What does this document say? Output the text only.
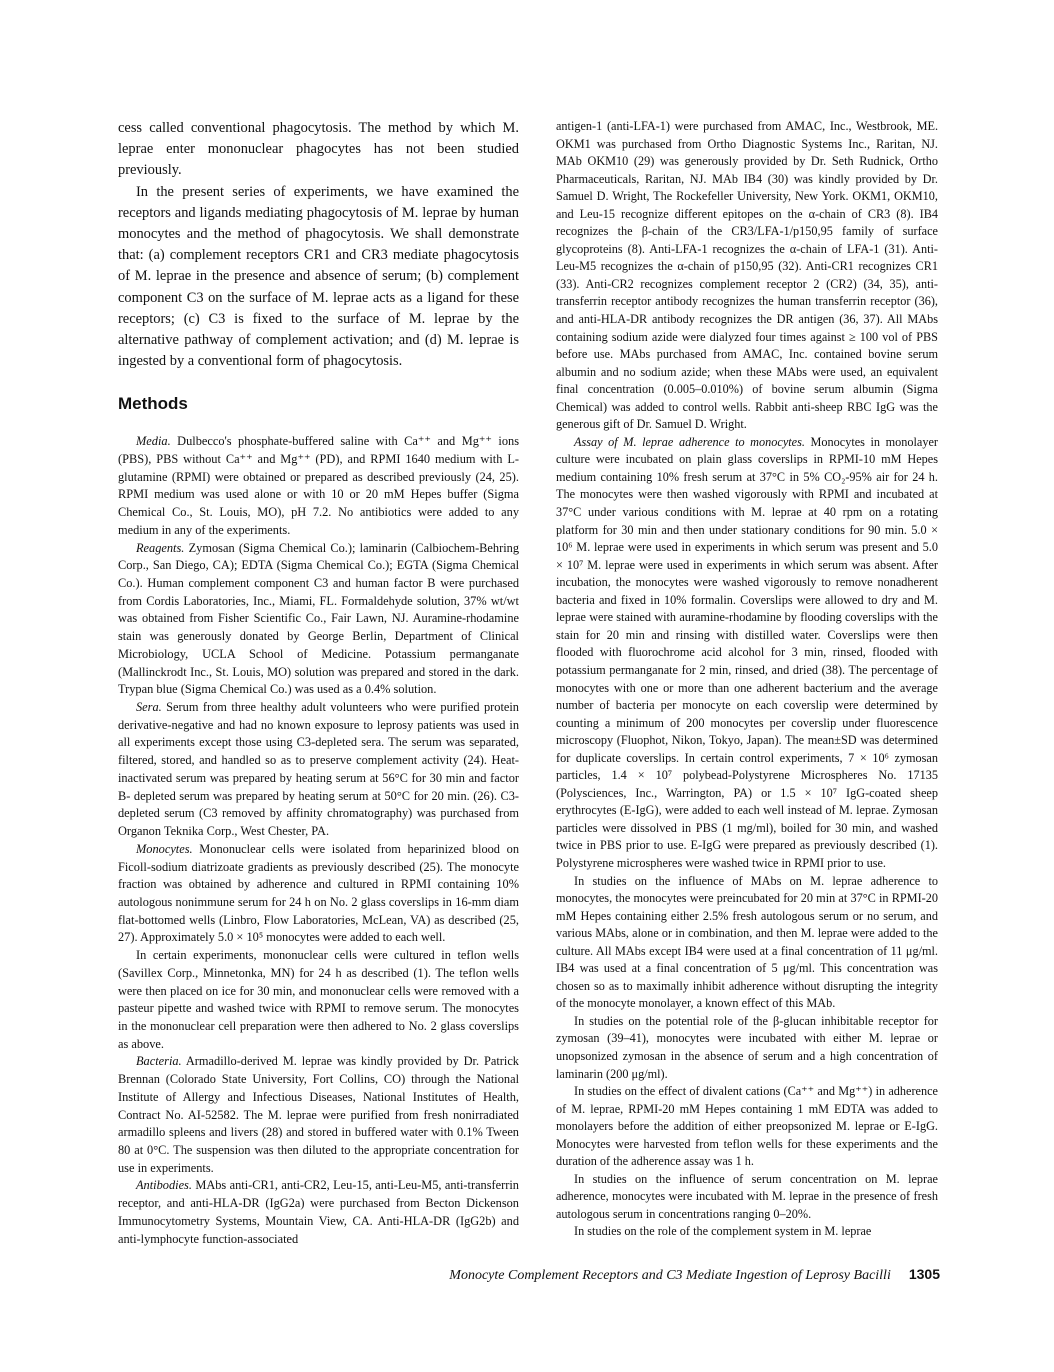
cess called conventional phagocytosis. The method by which M. leprae enter mononuclear phagocytes has not been studied previously.

In the present series of experiments, we have examined the receptors and ligands mediating phagocytosis of M. leprae by human monocytes and the method of phagocytosis. We shall demonstrate that: (a) complement receptors CR1 and CR3 mediate phagocytosis of M. leprae in the presence and absence of serum; (b) complement component C3 on the surface of M. leprae acts as a ligand for these receptors; (c) C3 is fixed to the surface of M. leprae by the alternative pathway of complement activation; and (d) M. leprae is ingested by a conventional form of phagocytosis.

Methods

Media. Dulbecco's phosphate-buffered saline with Ca⁺⁺ and Mg⁺⁺ ions (PBS), PBS without Ca⁺⁺ and Mg⁺⁺ (PD), and RPMI 1640 medium with L-glutamine (RPMI) were obtained or prepared as described previously (24, 25). RPMI medium was used alone or with 10 or 20 mM Hepes buffer (Sigma Chemical Co., St. Louis, MO), pH 7.2. No antibiotics were added to any medium in any of the experiments.

Reagents. Zymosan (Sigma Chemical Co.); laminarin (Calbiochem-Behring Corp., San Diego, CA); EDTA (Sigma Chemical Co.); EGTA (Sigma Chemical Co.). Human complement component C3 and human factor B were purchased from Cordis Laboratories, Inc., Miami, FL. Formaldehyde solution, 37% wt/wt was obtained from Fisher Scientific Co., Fair Lawn, NJ. Auramine-rhodamine stain was generously donated by George Berlin, Department of Clinical Microbiology, UCLA School of Medicine. Potassium permanganate (Mallinckrodt Inc., St. Louis, MO) solution was prepared and stored in the dark. Trypan blue (Sigma Chemical Co.) was used as a 0.4% solution.

Sera. Serum from three healthy adult volunteers who were purified protein derivative-negative and had no known exposure to leprosy patients was used in all experiments except those using C3-depleted sera. The serum was separated, filtered, stored, and handled so as to preserve complement activity (24). Heat-inactivated serum was prepared by heating serum at 56°C for 30 min and factor B- depleted serum was prepared by heating serum at 50°C for 20 min. (26). C3-depleted serum (C3 removed by affinity chromatography) was purchased from Organon Teknika Corp., West Chester, PA.

Monocytes. Mononuclear cells were isolated from heparinized blood on Ficoll-sodium diatrizoate gradients as previously described (25). The monocyte fraction was obtained by adherence and cultured in RPMI containing 10% autologous nonimmune serum for 24 h on No. 2 glass coverslips in 16-mm diam flat-bottomed wells (Linbro, Flow Laboratories, McLean, VA) as described (25, 27). Approximately 5.0 × 10⁵ monocytes were added to each well.

In certain experiments, mononuclear cells were cultured in teflon wells (Savillex Corp., Minnetonka, MN) for 24 h as described (1). The teflon wells were then placed on ice for 30 min, and mononuclear cells were removed with a pasteur pipette and washed twice with RPMI to remove serum. The monocytes in the mononuclear cell preparation were then adhered to No. 2 glass coverslips as above.

Bacteria. Armadillo-derived M. leprae was kindly provided by Dr. Patrick Brennan (Colorado State University, Fort Collins, CO) through the National Institute of Allergy and Infectious Diseases, National Institutes of Health, Contract No. AI-52582. The M. leprae were purified from fresh nonirradiated armadillo spleens and livers (28) and stored in buffered water with 0.1% Tween 80 at 0°C. The suspension was then diluted to the appropriate concentration for use in experiments.

Antibodies. MAbs anti-CR1, anti-CR2, Leu-15, anti-Leu-M5, anti-transferrin receptor, and anti-HLA-DR (IgG2a) were purchased from Becton Dickenson Immunocytometry Systems, Mountain View, CA. Anti-HLA-DR (IgG2b) and anti-lymphocyte function-associated

antigen-1 (anti-LFA-1) were purchased from AMAC, Inc., Westbrook, ME. OKM1 was purchased from Ortho Diagnostic Systems Inc., Raritan, NJ. MAb OKM10 (29) was generously provided by Dr. Seth Rudnick, Ortho Pharmaceuticals, Raritan, NJ. MAb IB4 (30) was kindly provided by Dr. Samuel D. Wright, The Rockefeller University, New York. OKM1, OKM10, and Leu-15 recognize different epitopes on the α-chain of CR3 (8). IB4 recognizes the β-chain of the CR3/LFA-1/p150,95 family of surface glycoproteins (8). Anti-LFA-1 recognizes the α-chain of LFA-1 (31). Anti-Leu-M5 recognizes the α-chain of p150,95 (32). Anti-CR1 recognizes CR1 (33). Anti-CR2 recognizes complement receptor 2 (CR2) (34, 35), anti-transferrin receptor antibody recognizes the human transferrin receptor (36), and anti-HLA-DR antibody recognizes the DR antigen (36, 37). All MAbs containing sodium azide were dialyzed four times against ≥ 100 vol of PBS before use. MAbs purchased from AMAC, Inc. contained bovine serum albumin and no sodium azide; when these MAbs were used, an equivalent final concentration (0.005–0.010%) of bovine serum albumin (Sigma Chemical) was added to control wells. Rabbit anti-sheep RBC IgG was the generous gift of Dr. Samuel D. Wright.

Assay of M. leprae adherence to monocytes. Monocytes in monolayer culture were incubated on plain glass coverslips in RPMI-10 mM Hepes medium containing 10% fresh serum at 37°C in 5% CO₂-95% air for 24 h. The monocytes were then washed vigorously with RPMI and incubated at 37°C under various conditions with M. leprae at 40 rpm on a rotating platform for 30 min and then under stationary conditions for 90 min. 5.0 × 10⁶ M. leprae were used in experiments in which serum was present and 5.0 × 10⁷ M. leprae were used in experiments in which serum was absent. After incubation, the monocytes were washed vigorously to remove nonadherent bacteria and fixed in 10% formalin. Coverslips were allowed to dry and M. leprae were stained with auramine-rhodamine by flooding coverslips with the stain for 20 min and rinsing with distilled water. Coverslips were then flooded with fluorochrome acid alcohol for 3 min, rinsed, flooded with potassium permanganate for 2 min, rinsed, and dried (38). The percentage of monocytes with one or more than one adherent bacterium and the average number of bacteria per monocyte on each coverslip were determined by counting a minimum of 200 monocytes per coverslip under fluorescence microscopy (Fluophot, Nikon, Tokyo, Japan). The mean±SD was determined for duplicate coverslips. In certain control experiments, 7 × 10⁶ zymosan particles, 1.4 × 10⁷ polybead-Polystyrene Microspheres No. 17135 (Polysciences, Inc., Warrington, PA) or 1.5 × 10⁷ IgG-coated sheep erythrocytes (E-IgG), were added to each well instead of M. leprae. Zymosan particles were dissolved in PBS (1 mg/ml), boiled for 30 min, and washed twice in PBS prior to use. E-IgG were prepared as previously described (1). Polystyrene microspheres were washed twice in RPMI prior to use.

In studies on the influence of MAbs on M. leprae adherence to monocytes, the monocytes were preincubated for 20 min at 37°C in RPMI-20 mM Hepes containing either 2.5% fresh autologous serum or no serum, and various MAbs, alone or in combination, and then M. leprae were added to the culture. All MAbs except IB4 were used at a final concentration of 11 μg/ml. IB4 was used at a final concentration of 5 μg/ml. This concentration was chosen so as to maximally inhibit adherence without disrupting the integrity of the monocyte monolayer, a known effect of this MAb.

In studies on the potential role of the β-glucan inhibitable receptor for zymosan (39–41), monocytes were incubated with either M. leprae or unopsonized zymosan in the absence of serum and a high concentration of laminarin (200 μg/ml).

In studies on the effect of divalent cations (Ca⁺⁺ and Mg⁺⁺) in adherence of M. leprae, RPMI-20 mM Hepes containing 1 mM EDTA was added to monolayers before the addition of either preopsonized M. leprae or E-IgG. Monocytes were harvested from teflon wells for these experiments and the duration of the adherence assay was 1 h.

In studies on the influence of serum concentration on M. leprae adherence, monocytes were incubated with M. leprae in the presence of fresh autologous serum in concentrations ranging 0–20%.

In studies on the role of the complement system in M. leprae

Monocyte Complement Receptors and C3 Mediate Ingestion of Leprosy Bacilli 1305
